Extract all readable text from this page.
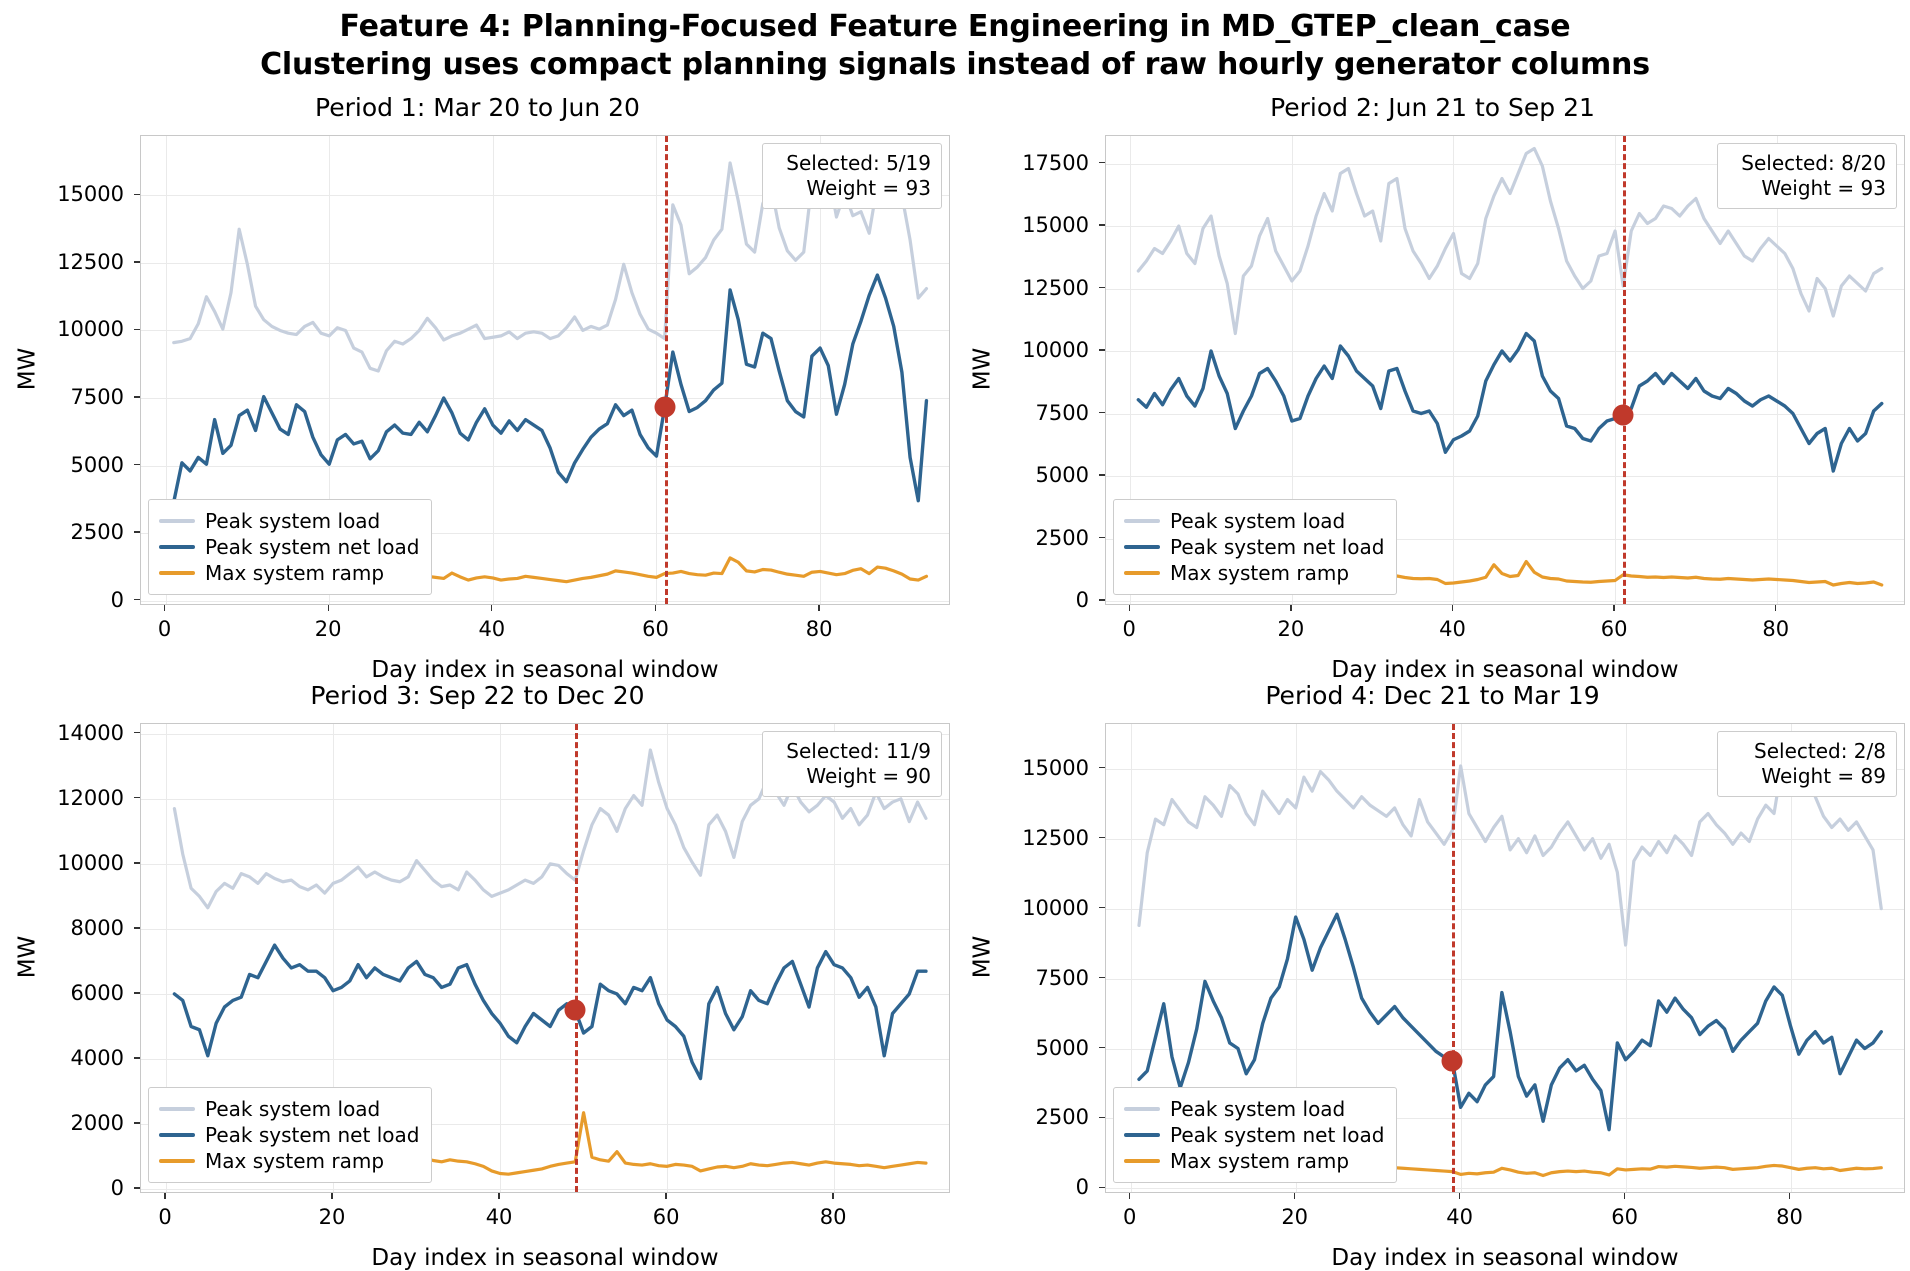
Feature 4: Planning-Focused Feature Engineering in MD_GTEP_clean_case
Clustering uses compact planning signals instead of raw hourly generator columns
Period 1: Mar 20 to Jun 20
0
2500
5000
7500
10000
12500
15000
0	20	40	60	80
Day index in seasonal window
MW
Peak system load
Peak system net load
Max system ramp
Selected: 5/19
Weight = 93
Period 2: Jun 21 to Sep 21
0
2500
5000
7500
10000
12500
15000
17500
0	20	40	60	80
Day index in seasonal window
MW
Peak system load
Peak system net load
Max system ramp
Selected: 8/20
Weight = 93
Period 3: Sep 22 to Dec 20
0
2000
4000
6000
8000
10000
12000
14000
0	20	40	60	80
Day index in seasonal window
MW
Peak system load
Peak system net load
Max system ramp
Selected: 11/9
Weight = 90
Period 4: Dec 21 to Mar 19
0
2500
5000
7500
10000
12500
15000
0	20	40	60	80
Day index in seasonal window
MW
Peak system load
Peak system net load
Max system ramp
Selected: 2/8
Weight = 89
